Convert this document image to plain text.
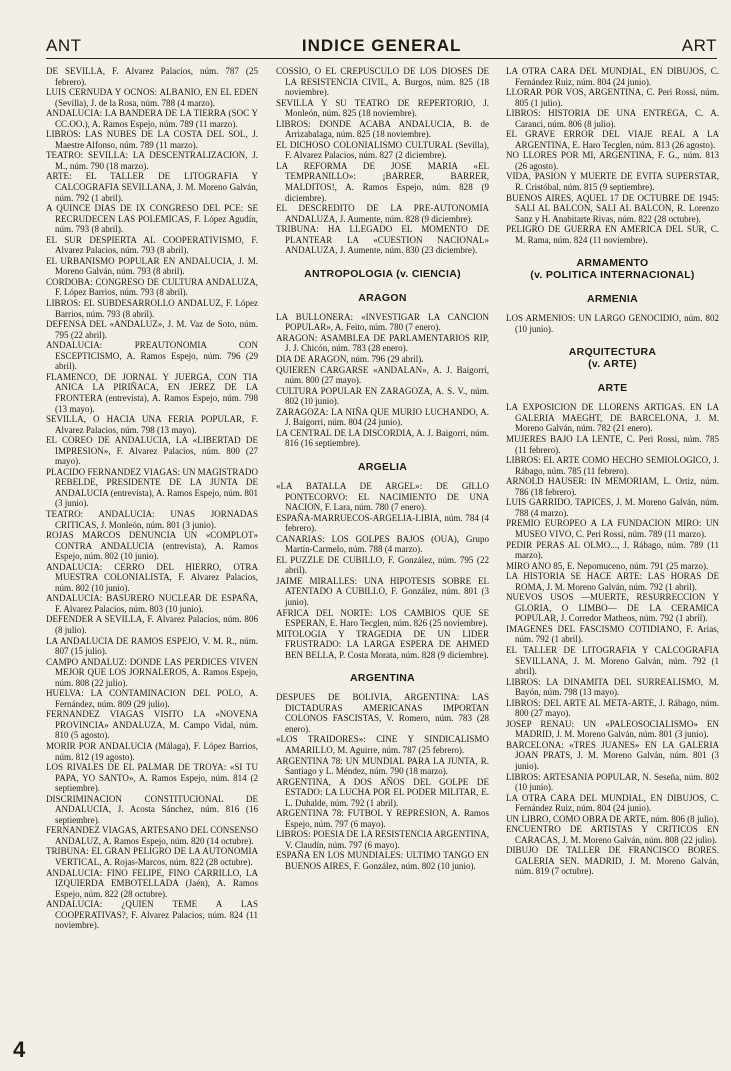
ANT	INDICE GENERAL	ART

DE SEVILLA, F. Alvarez Palacios, núm. 787 (25 febrero).

LUIS CERNUDA Y OCNOS: ALBANIO, EN EL EDEN (Sevilla), J. de la Rosa, núm. 788 (4 marzo).

ANDALUCIA: LA BANDERA DE LA TIERRA (SOC Y CC.OO.), A. Ramos Espejo, núm. 789 (11 marzo).

LIBROS: LAS NUBES DE LA COSTA DEL SOL, J. Maestre Alfonso, núm. 789 (11 marzo).

TEATRO: SEVILLA: LA DESCENTRALIZACION, J. M., núm. 790 (18 marzo).

ARTE: EL TALLER DE LITOGRAFIA Y CALCOGRAFIA SEVILLANA, J. M. Moreno Galván, núm. 792 (1 abril).

A QUINCE DIAS DE IX CONGRESO DEL PCE: SE RECRUDECEN LAS POLEMICAS, F. López Agudín, núm. 793 (8 abril).

EL SUR DESPIERTA AL COOPERATIVISMO, F. Alvarez Palacios, núm. 793 (8 abril).

EL URBANISMO POPULAR EN ANDALUCIA, J. M. Moreno Galván, núm. 793 (8 abril).

CORDOBA: CONGRESO DE CULTURA ANDALUZA, F. López Barrios, núm. 793 (8 abril).

LIBROS: EL SUBDESARROLLO ANDALUZ, F. López Barrios, núm. 793 (8 abril).

DEFENSA DEL «ANDALUZ», J. M. Vaz de Soto, núm. 795 (22 abril).

ANDALUCIA: PREAUTONOMIA CON ESCEPTICISMO, A. Ramos Espejo, núm. 796 (29 abril).

FLAMENCO, DE JORNAL Y JUERGA, CON TIA ANICA LA PIRIÑACA, EN JEREZ DE LA FRONTERA (entrevista), A. Ramos Espejo, núm. 798 (13 mayo).

SEVILLA, O HACIA UNA FERIA POPULAR, F. Alvarez Palacios, núm. 798 (13 mayo).

EL COREO DE ANDALUCIA, LA «LIBERTAD DE IMPRESION», F. Alvarez Palacios, núm. 800 (27 mayo).

PLACIDO FERNANDEZ VIAGAS: UN MAGISTRADO REBELDE, PRESIDENTE DE LA JUNTA DE ANDALUCIA (entrevista), A. Ramos Espejo, núm. 801 (3 junio).

TEATRO: ANDALUCIA: UNAS JORNADAS CRITICAS, J. Monleón, núm. 801 (3 junio).

ROJAS MARCOS DENUNCIA UN «COMPLOT» CONTRA ANDALUCIA (entrevista), A. Ramos Espejo, núm. 802 (10 junio).

ANDALUCIA: CERRO DEL HIERRO, OTRA MUESTRA COLONIALISTA, F. Alvarez Palacios, núm. 802 (10 junio).

ANDALUCIA: BASURERO NUCLEAR DE ESPAÑA, F. Alvarez Palacios, núm. 803 (10 junio).

DEFENDER A SEVILLA, F. Alvarez Palacios, núm. 806 (8 julio).

LA ANDALUCIA DE RAMOS ESPEJO, V. M. R., núm. 807 (15 julio).

CAMPO ANDALUZ: DONDE LAS PERDICES VIVEN MEJOR QUE LOS JORNALEROS, A. Ramos Espejo, núm. 808 (22 julio).

HUELVA: LA CONTAMINACION DEL POLO, A. Fernández, núm. 809 (29 julio).

FERNANDEZ VIAGAS VISITO LA «NOVENA PROVINCIA» ANDALUZA, M. Campo Vidal, núm. 810 (5 agosto).

MORIR POR ANDALUCIA (Málaga), F. López Barrios, núm. 812 (19 agosto).

LOS RIVALES DE EL PALMAR DE TROYA: «SI TU PAPA, YO SANTO», A. Ramos Espejo, núm. 814 (2 septiembre).

DISCRIMINACION CONSTITUCIONAL DE ANDALUCIA, J. Acosta Sánchez, núm. 816 (16 septiembre).

FERNANDEZ VIAGAS, ARTESANO DEL CONSENSO ANDALUZ, A. Ramos Espejo, núm. 820 (14 octubre).

TRIBUNA: EL GRAN PELIGRO DE LA AUTONOMIA VERTICAL, A. Rojas-Marcos, núm. 822 (28 octubre).

ANDALUCIA: FINO FELIPE, FINO CARRILLO, LA IZQUIERDA EMBOTELLADA (Jaén), A. Ramos Espejo, núm. 822 (28 octubre).

ANDALUCIA: ¿QUIEN TEME A LAS COOPERATIVAS?, F. Alvarez Palacios, núm. 824 (11 noviembre).

COSSIO, O EL CREPUSCULO DE LOS DIOSES DE LA RESISTENCIA CIVIL, A. Burgos, núm. 825 (18 noviembre).

SEVILLA Y SU TEATRO DE REPERTORIO, J. Monleón, núm. 825 (18 noviembre).

LIBROS: DONDE ACABA ANDALUCIA, B. de Arrizabalaga, núm. 825 (18 noviembre).

EL DICHOSO COLONIALISMO CULTURAL (Sevilla), F. Alvarez Palacios, núm. 827 (2 diciembre).

LA REFORMA DE JOSE MARIA «EL TEMPRANILLO»: ¡BARRER, BARRER, MALDITOS!, A. Ramos Espejo, núm. 828 (9 diciembre).

EL DESCREDITO DE LA PRE-AUTONOMIA ANDALUZA, J. Aumente, núm. 828 (9 diciembre).

TRIBUNA: HA LLEGADO EL MOMENTO DE PLANTEAR LA «CUESTION NACIONAL» ANDALUZA, J. Aumente, núm. 830 (23 diciembre).

ANTROPOLOGIA (v. CIENCIA)
ARAGON

LA BULLONERA: «INVESTIGAR LA CANCION POPULAR», A. Feito, núm. 780 (7 enero).

ARAGON: ASAMBLEA DE PARLAMENTARIOS RIP, J. J. Chicón, núm. 783 (28 enero).

DIA DE ARAGON, núm. 796 (29 abril).

QUIEREN CARGARSE «ANDALAN», A. J. Baigorri, núm. 800 (27 mayo).

CULTURA POPULAR EN ZARAGOZA, A. S. V., núm. 802 (10 junio).

ZARAGOZA: LA NIÑA QUE MURIO LUCHANDO, A. J. Baigorri, núm. 804 (24 junio).

LA CENTRAL DE LA DISCORDIA, A. J. Baigorri, núm. 816 (16 septiembre).

ARGELIA

«LA BATALLA DE ARGEL»: DE GILLO PONTECORVO: EL NACIMIENTO DE UNA NACION, F. Lara, núm. 780 (7 enero).

ESPAÑA-MARRUECOS-ARGELIA-LIBIA, núm. 784 (4 febrero).

CANARIAS: LOS GOLPES BAJOS (OUA), Grupo Martín-Carmelo, núm. 788 (4 marzo).

EL PUZZLE DE CUBILLO, F. González, núm. 795 (22 abril).

JAIME MIRALLES: UNA HIPOTESIS SOBRE EL ATENTADO A CUBILLO, F. González, núm. 801 (3 junio).

AFRICA DEL NORTE: LOS CAMBIOS QUE SE ESPERAN, E. Haro Tecglen, núm. 826 (25 noviembre).

MITOLOGIA Y TRAGEDIA DE UN LIDER FRUSTRADO: LA LARGA ESPERA DE AHMED BEN BELLA, P. Costa Morata, núm. 828 (9 diciembre).

ARGENTINA

DESPUES DE BOLIVIA, ARGENTINA: LAS DICTADURAS AMERICANAS IMPORTAN COLONOS FASCISTAS, V. Romero, núm. 783 (28 enero).

«LOS TRAIDORES»: CINE Y SINDICALISMO AMARILLO, M. Aguirre, núm. 787 (25 febrero).

ARGENTINA 78: UN MUNDIAL PARA LA JUNTA, R. Santiago y L. Méndez, núm. 790 (18 marzo).

ARGENTINA, A DOS AÑOS DEL GOLPE DE ESTADO: LA LUCHA POR EL PODER MILITAR, E. L. Duhalde, núm. 792 (1 abril).

ARGENTINA 78: FUTBOL Y REPRESION, A. Ramos Espejo, núm. 797 (6 mayo).

LIBROS: POESIA DE LA RESISTENCIA ARGENTINA, V. Claudín, núm. 797 (6 mayo).

ESPAÑA EN LOS MUNDIALES: ULTIMO TANGO EN BUENOS AIRES, F. González, núm. 802 (10 junio).

LA OTRA CARA DEL MUNDIAL, EN DIBUJOS, C. Fernández Ruiz, núm. 804 (24 junio).

LLORAR POR VOS, ARGENTINA, C. Peri Rossi, núm. 805 (1 julio).

LIBROS: HISTORIA DE UNA ENTREGA, C. A. Caranci, núm. 806 (8 julio).

EL GRAVE ERROR DEL VIAJE REAL A LA ARGENTINA, E. Haro Tecglen, núm. 813 (26 agosto).

NO LLORES POR MI, ARGENTINA, F. G., núm. 813 (26 agosto).

VIDA, PASION Y MUERTE DE EVITA SUPERSTAR, R. Cristóbal, núm. 815 (9 septiembre).

BUENOS AIRES, AQUEL 17 DE OCTUBRE DE 1945: SALI AL BALCON, SALI AL BALCON, R. Lorenzo Sanz y H. Anabitarte Rivas, núm. 822 (28 octubre).

PELIGRO DE GUERRA EN AMERICA DEL SUR, C. M. Rama, núm. 824 (11 noviembre).

ARMAMENTO
(v. POLITICA INTERNACIONAL)
ARMENIA

LOS ARMENIOS: UN LARGO GENOCIDIO, núm. 802 (10 junio).

ARQUITECTURA
(v. ARTE)
ARTE

LA EXPOSICION DE LLORENS ARTIGAS. EN LA GALERIA MAEGHT, DE BARCELONA, J. M. Moreno Galván, núm. 782 (21 enero).

MUJERES BAJO LA LENTE, C. Peri Rossi, núm. 785 (11 febrero).

LIBROS: EL ARTE COMO HECHO SEMIOLOGICO, J. Rábago, núm. 785 (11 febrero).

ARNOLD HAUSER: IN MEMORIAM, L. Ortiz, núm. 786 (18 febrero).

LUIS GARRIDO. TAPICES, J. M. Moreno Galván, núm. 788 (4 marzo).

PREMIO EUROPEO A LA FUNDACION MIRO: UN MUSEO VIVO, C. Peri Rossi, núm. 789 (11 marzo).

PEDIR PERAS AL OLMO..., J. Rábago, núm. 789 (11 marzo).

MIRO ANO 85, E. Nepomuceno, núm. 791 (25 marzo).

LA HISTORIA SE HACE ARTE: LAS HORAS DE ROMA, J. M. Moreno Galván, núm. 792 (1 abril).

NUEVOS USOS —MUERTE, RESURRECCION Y GLORIA, O LIMBO— DE LA CERAMICA POPULAR, J. Corredor Matheos, núm. 792 (1 abril).

IMAGENES DEL FASCISMO COTIDIANO, F. Arias, núm. 792 (1 abril).

EL TALLER DE LITOGRAFIA Y CALCOGRAFIA SEVILLANA, J. M. Moreno Galván, núm. 792 (1 abril).

LIBROS: LA DINAMITA DEL SURREALISMO, M. Bayón, núm. 798 (13 mayo).

LIBROS: DEL ARTE AL META-ARTE, J. Rábago, núm. 800 (27 mayo).

JOSEP RENAU: UN «PALEOSOCIALISMO» EN MADRID, J. M. Moreno Galván, núm. 801 (3 junio).

BARCELONA: «TRES JUANES» EN LA GALERIA JOAN PRATS, J. M. Moreno Galván, núm. 801 (3 junio).

LIBROS: ARTESANIA POPULAR, N. Seseña, núm. 802 (10 junio).

LA OTRA CARA DEL MUNDIAL, EN DIBUJOS, C. Fernández Ruiz, núm. 804 (24 junio).

UN LIBRO, COMO OBRA DE ARTE, núm. 806 (8 julio).

ENCUENTRO DE ARTISTAS Y CRITICOS EN CARACAS, J. M. Moreno Galván, núm. 808 (22 julio).

DIBUJO DE TALLER DE FRANCISCO BORES. GALERIA SEN. MADRID, J. M. Moreno Galván, núm. 819 (7 octubre).

4
